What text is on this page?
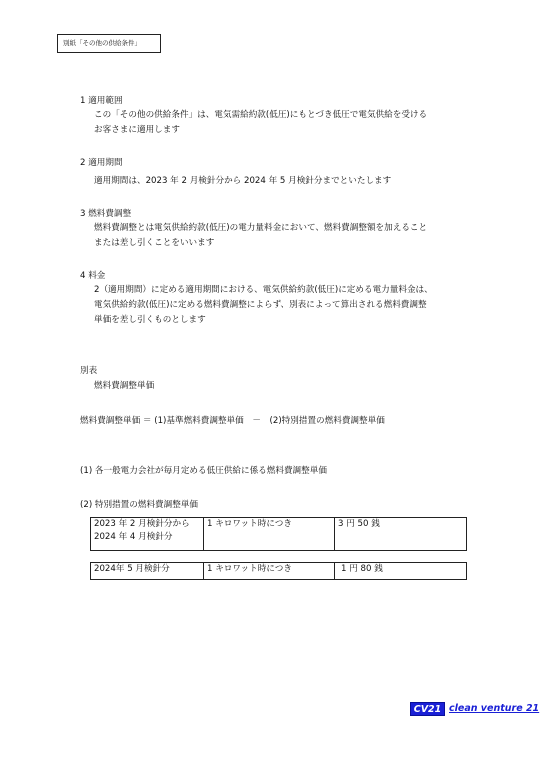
別紙「その他の供給条件」
1 適用範囲
この「その他の供給条件」は、電気需給約款(低圧)にもとづき低圧で電気供給を受ける
お客さまに適用します
2 適用期間
適用期間は、2023 年 2 月検針分から 2024 年 5 月検針分までといたします
3 燃料費調整
燃料費調整とは電気供給約款(低圧)の電力量料金において、燃料費調整額を加えること
または差し引くことをいいます
4 料金
2（適用期間）に定める適用期間における、電気供給約款(低圧)に定める電力量料金は、
電気供給約款(低圧)に定める燃料費調整によらず、別表によって算出される燃料費調整
単価を差し引くものとします
別表
燃料費調整単価
燃料費調整単価 ＝ (1)基準燃料費調整単価　－　(2)特別措置の燃料費調整単価
(1) 各一般電力会社が毎月定める低圧供給に係る燃料費調整単価
(2) 特別措置の燃料費調整単価
2023 年 2 月検針分から
2024 年 4 月検針分
	1 キロワット時につき	3 円 50 銭
2024年 5 月検針分	1 キロワット時につき	1 円 80 銭
CV21 clean venture 21
